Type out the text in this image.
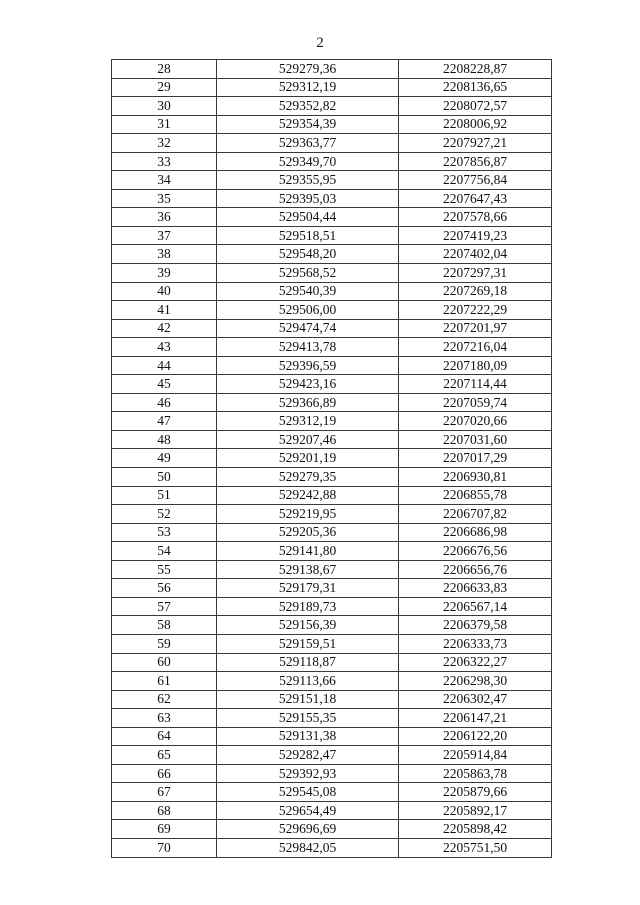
2
28	529279,36	2208228,87
29	529312,19	2208136,65
30	529352,82	2208072,57
31	529354,39	2208006,92
32	529363,77	2207927,21
33	529349,70	2207856,87
34	529355,95	2207756,84
35	529395,03	2207647,43
36	529504,44	2207578,66
37	529518,51	2207419,23
38	529548,20	2207402,04
39	529568,52	2207297,31
40	529540,39	2207269,18
41	529506,00	2207222,29
42	529474,74	2207201,97
43	529413,78	2207216,04
44	529396,59	2207180,09
45	529423,16	2207114,44
46	529366,89	2207059,74
47	529312,19	2207020,66
48	529207,46	2207031,60
49	529201,19	2207017,29
50	529279,35	2206930,81
51	529242,88	2206855,78
52	529219,95	2206707,82
53	529205,36	2206686,98
54	529141,80	2206676,56
55	529138,67	2206656,76
56	529179,31	2206633,83
57	529189,73	2206567,14
58	529156,39	2206379,58
59	529159,51	2206333,73
60	529118,87	2206322,27
61	529113,66	2206298,30
62	529151,18	2206302,47
63	529155,35	2206147,21
64	529131,38	2206122,20
65	529282,47	2205914,84
66	529392,93	2205863,78
67	529545,08	2205879,66
68	529654,49	2205892,17
69	529696,69	2205898,42
70	529842,05	2205751,50
